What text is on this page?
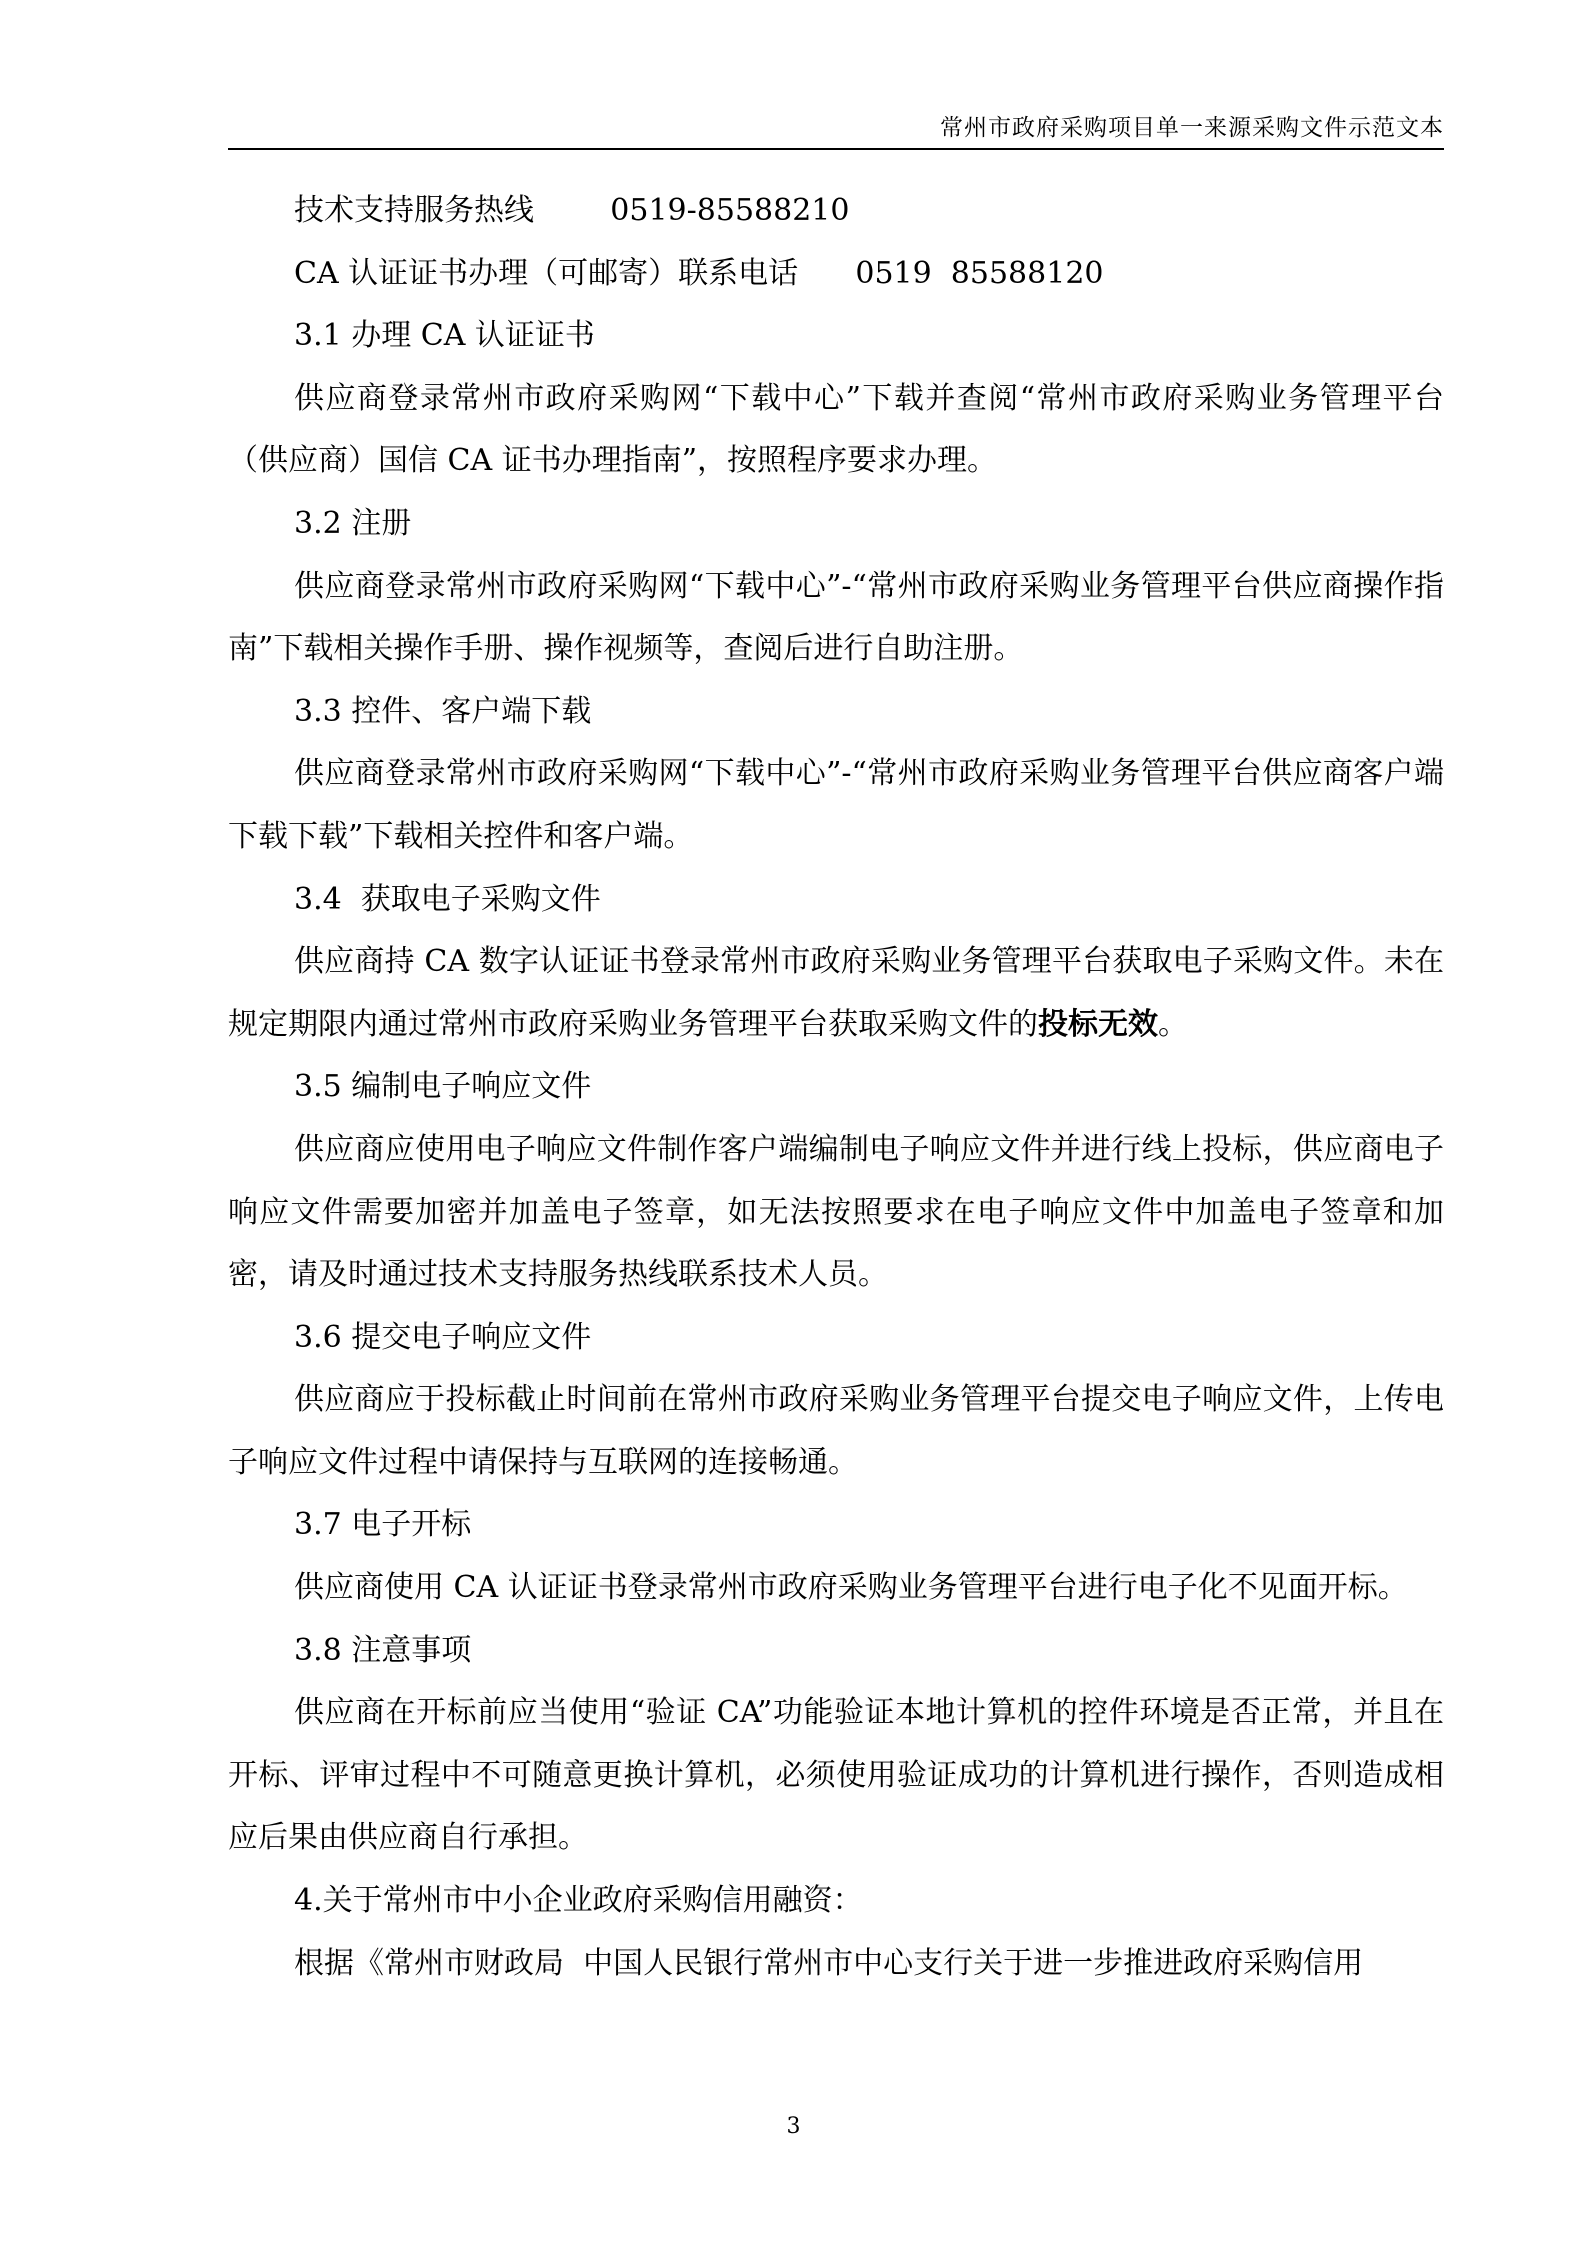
常州市政府采购项目单一来源采购文件示范文本

技术支持服务热线        0519-85588210

CA 认证证书办理（可邮寄）联系电话      0519  85588120

3.1 办理 CA 认证证书

供应商登录常州市政府采购网“下载中心”下载并查阅“常州市政府采购业务管理平台（供应商）国信 CA 证书办理指南”，按照程序要求办理。

3.2 注册

供应商登录常州市政府采购网“下载中心”-“常州市政府采购业务管理平台供应商操作指南”下载相关操作手册、操作视频等，查阅后进行自助注册。

3.3 控件、客户端下载

供应商登录常州市政府采购网“下载中心”-“常州市政府采购业务管理平台供应商客户端下载下载”下载相关控件和客户端。

3.4  获取电子采购文件

供应商持 CA 数字认证证书登录常州市政府采购业务管理平台获取电子采购文件。未在规定期限内通过常州市政府采购业务管理平台获取采购文件的投标无效。

3.5 编制电子响应文件

供应商应使用电子响应文件制作客户端编制电子响应文件并进行线上投标，供应商电子响应文件需要加密并加盖电子签章，如无法按照要求在电子响应文件中加盖电子签章和加密，请及时通过技术支持服务热线联系技术人员。

3.6 提交电子响应文件

供应商应于投标截止时间前在常州市政府采购业务管理平台提交电子响应文件，上传电子响应文件过程中请保持与互联网的连接畅通。

3.7 电子开标

供应商使用 CA 认证证书登录常州市政府采购业务管理平台进行电子化不见面开标。

3.8 注意事项

供应商在开标前应当使用“验证 CA”功能验证本地计算机的控件环境是否正常，并且在开标、评审过程中不可随意更换计算机，必须使用验证成功的计算机进行操作，否则造成相应后果由供应商自行承担。

4.关于常州市中小企业政府采购信用融资：

根据《常州市财政局  中国人民银行常州市中心支行关于进一步推进政府采购信用

3
